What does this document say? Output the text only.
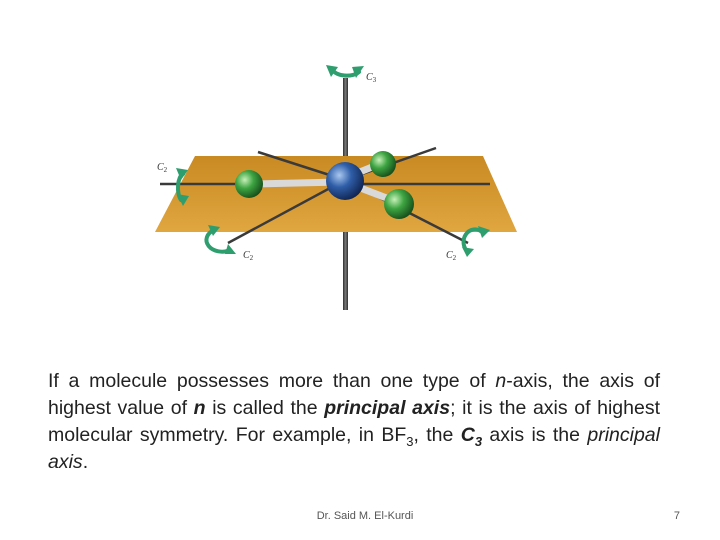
$C_3$
$C_2$
$C_2$	$C_2$

If a molecule possesses more than one type of n-axis, the axis of highest value of n is called the principal axis; it is the axis of highest molecular symmetry. For example, in $BF_3$, the $C_3$ axis is the principal axis.

Dr. Said M. El-Kurdi	7
